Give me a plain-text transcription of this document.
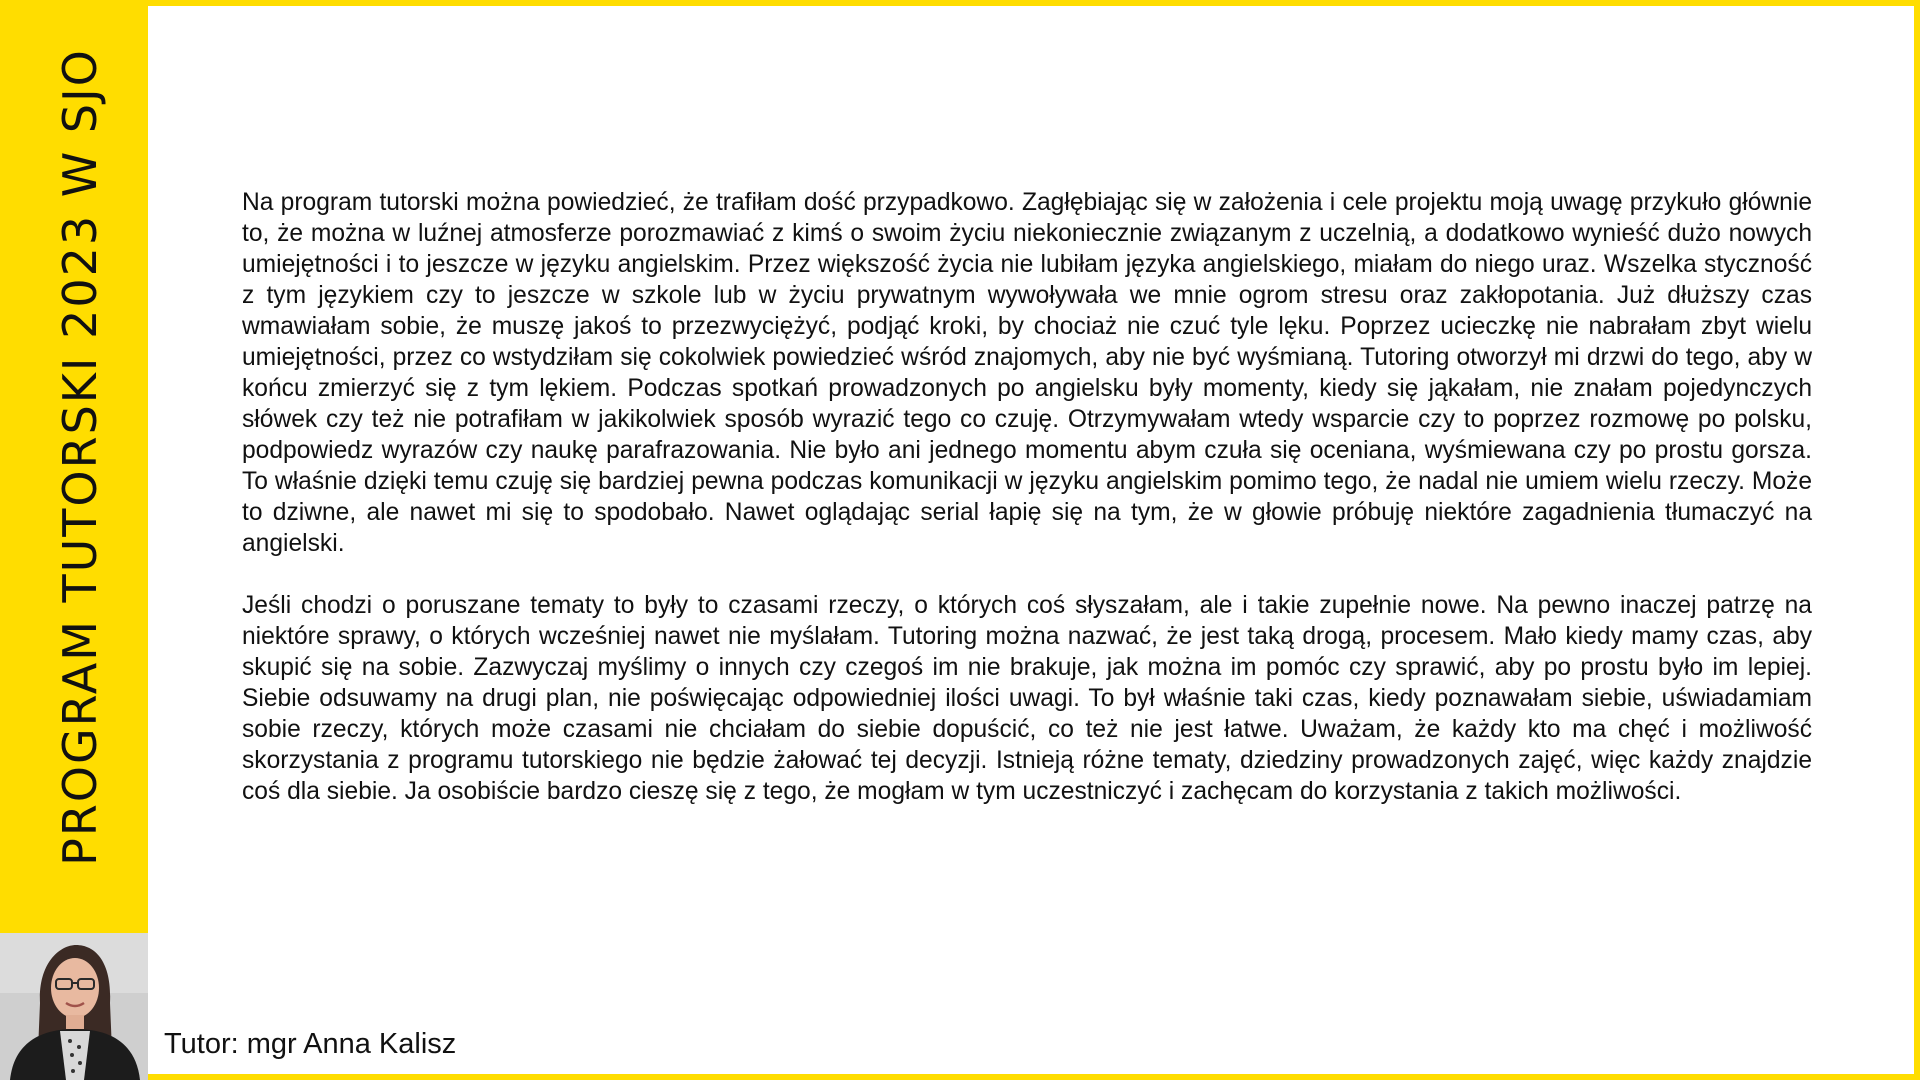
PROGRAM TUTORSKI 2023 W SJO	Na program tutorski można powiedzieć, że trafiłam dość przypadkowo. Zagłębiając się w założenia i cele projektu moją uwagę przykuło głównie to, że można w luźnej atmosferze porozmawiać z kimś o swoim życiu niekoniecznie związanym z uczelnią, a dodatkowo wynieść dużo nowych umiejętności i to jeszcze w języku angielskim. Przez większość życia nie lubiłam języka angielskiego, miałam do niego uraz. Wszelka styczność z tym językiem czy to jeszcze w szkole lub w życiu prywatnym wywoływała we mnie ogrom stresu oraz zakłopotania. Już dłuższy czas wmawiałam sobie, że muszę jakoś to przezwyciężyć, podjąć kroki, by chociaż nie czuć tyle lęku. Poprzez ucieczkę nie nabrałam zbyt wielu umiejętności, przez co wstydziłam się cokolwiek powiedzieć wśród znajomych, aby nie być wyśmianą. Tutoring otworzył mi drzwi do tego, aby w końcu zmierzyć się z tym lękiem. Podczas spotkań prowadzonych po angielsku były momenty, kiedy się jąkałam, nie znałam pojedynczych słówek czy też nie potrafiłam w jakikolwiek sposób wyrazić tego co czuję. Otrzymywałam wtedy wsparcie czy to poprzez rozmowę po polsku, podpowiedz wyrazów czy naukę parafrazowania. Nie było ani jednego momentu abym czuła się oceniana, wyśmiewana czy po prostu gorsza. To właśnie dzięki temu czuję się bardziej pewna podczas komunikacji w języku angielskim pomimo tego, że nadal nie umiem wielu rzeczy. Może to dziwne, ale nawet mi się to spodobało. Nawet oglądając serial łapię się na tym, że w głowie próbuję niektóre zagadnienia tłumaczyć na angielski.

Jeśli chodzi o poruszane tematy to były to czasami rzeczy, o których coś słyszałam, ale i takie zupełnie nowe. Na pewno inaczej patrzę na niektóre sprawy, o których wcześniej nawet nie myślałam. Tutoring można nazwać, że jest taką drogą, procesem. Mało kiedy mamy czas, aby skupić się na sobie. Zazwyczaj myślimy o innych czy czegoś im nie brakuje, jak można im pomóc czy sprawić, aby po prostu było im lepiej. Siebie odsuwamy na drugi plan, nie poświęcając odpowiedniej ilości uwagi. To był właśnie taki czas, kiedy poznawałam siebie, uświadamiam sobie rzeczy, których może czasami nie chciałam do siebie dopuścić, co też nie jest łatwe. Uważam, że każdy kto ma chęć i możliwość skorzystania z programu tutorskiego nie będzie żałować tej decyzji. Istnieją różne tematy, dziedziny prowadzonych zajęć, więc każdy znajdzie coś dla siebie. Ja osobiście bardzo cieszę się z tego, że mogłam w tym uczestniczyć i zachęcam do korzystania z takich możliwości.

Tutor: mgr Anna Kalisz
